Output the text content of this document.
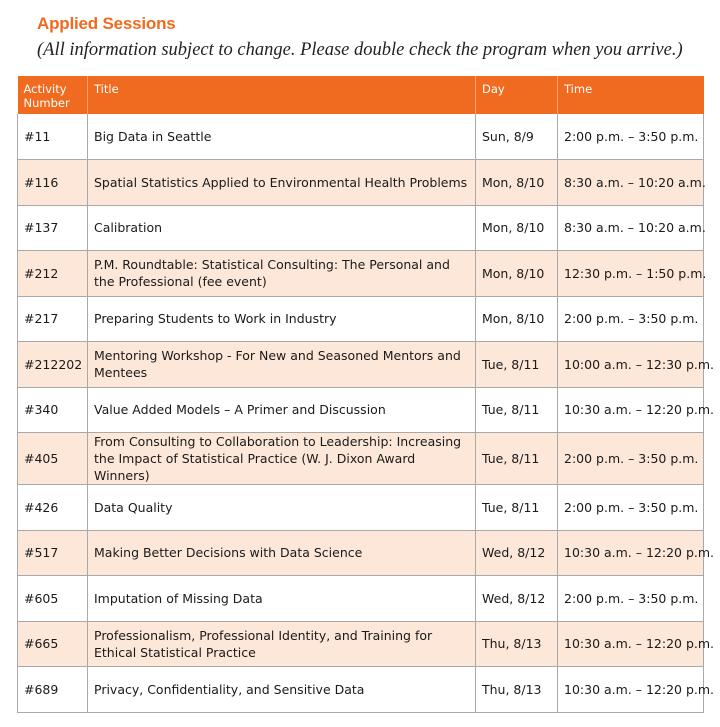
Applied Sessions
(All information subject to change. Please double check the program when you arrive.)
Activity
Number	Title	Day	Time
#11	Big Data in Seattle	Sun, 8/9	2:00 p.m. – 3:50 p.m.
#116	Spatial Statistics Applied to Environmental Health Problems	Mon, 8/10	8:30 a.m. – 10:20 a.m.
#137	Calibration	Mon, 8/10	8:30 a.m. – 10:20 a.m.
#212	P.M. Roundtable: Statistical Consulting: The Personal and the Professional (fee event)	Mon, 8/10	12:30 p.m. – 1:50 p.m.
#217	Preparing Students to Work in Industry	Mon, 8/10	2:00 p.m. – 3:50 p.m.
#212202	Mentoring Workshop - For New and Seasoned Mentors and Mentees	Tue, 8/11	10:00 a.m. – 12:30 p.m.
#340	Value Added Models – A Primer and Discussion	Tue, 8/11	10:30 a.m. – 12:20 p.m.
#405	From Consulting to Collaboration to Leadership: Increasing the Impact of Statistical Practice (W. J. Dixon Award Winners)	Tue, 8/11	2:00 p.m. – 3:50 p.m.
#426	Data Quality	Tue, 8/11	2:00 p.m. – 3:50 p.m.
#517	Making Better Decisions with Data Science	Wed, 8/12	10:30 a.m. – 12:20 p.m.
#605	Imputation of Missing Data	Wed, 8/12	2:00 p.m. – 3:50 p.m.
#665	Professionalism, Professional Identity, and Training for Ethical Statistical Practice	Thu, 8/13	10:30 a.m. – 12:20 p.m.
#689	Privacy, Confidentiality, and Sensitive Data	Thu, 8/13	10:30 a.m. – 12:20 p.m.
